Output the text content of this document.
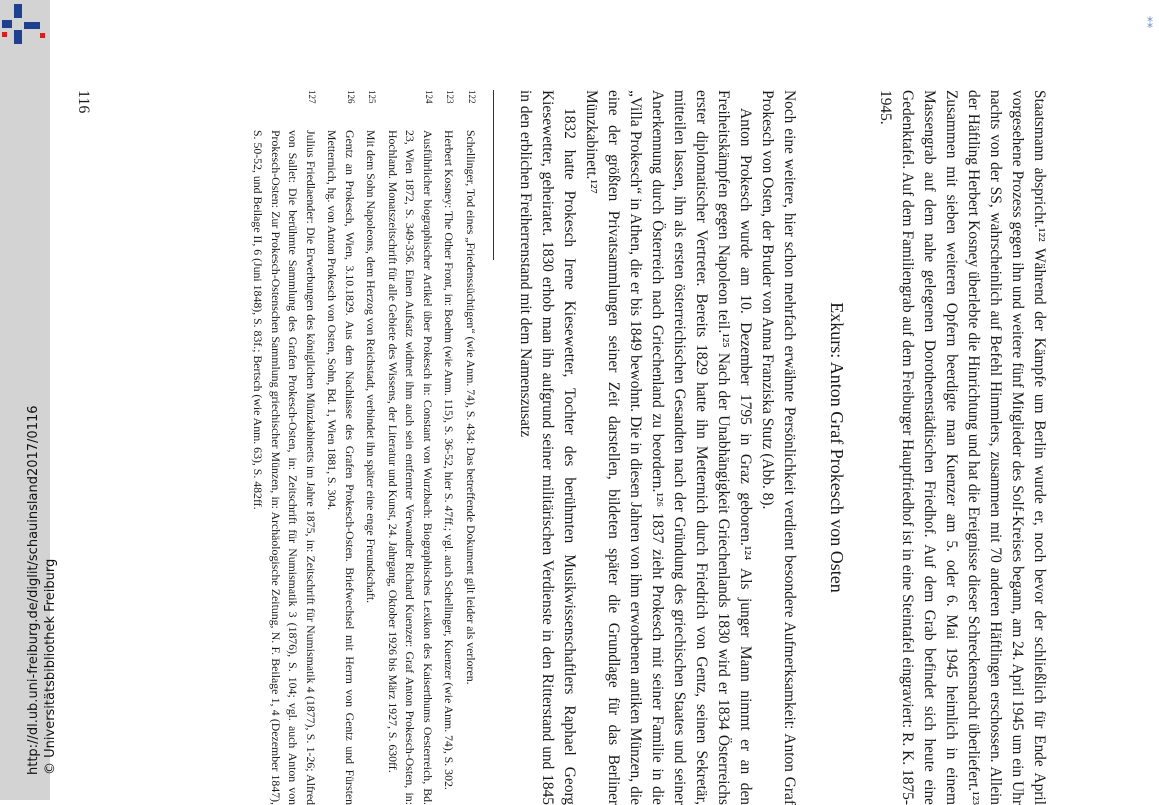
http://dl.ub.uni-freiburg.de/diglit/schauinsland2017/0116 © Universitätsbibliothek Freiburg
⁑

Staatsmann abspricht.¹²² Während der Kämpfe um Berlin wurde er, noch bevor der schließlich für Ende April vorgesehene Prozess gegen ihn und weitere fünf Mitglieder des Solf-Kreises begann, am 24. April 1945 um ein Uhr nachts von der SS, wahrscheinlich auf Befehl Himmlers, zusammen mit 70 anderen Häftlingen erschossen. Allein der Häftling Herbert Kosney überlebte die Hinrichtung und hat die Ereignisse dieser Schreckensnacht überliefert.¹²³ Zusammen mit sieben weiteren Opfern beerdigte man Kuenzer am 5. oder 6. Mai 1945 heimlich in einem Massengrab auf dem nahe gelegenen Dorotheenstädtischen Friedhof. Auf dem Grab befindet sich heute eine Gedenktafel. Auf dem Familiengrab auf dem Freiburger Hauptfriedhof ist in eine Steintafel eingraviert: R. K. 1875-1945.

Exkurs: Anton Graf Prokesch von Osten

Noch eine weitere, hier schon mehrfach erwähnte Persönlichkeit verdient besondere Aufmerksamkeit: Anton Graf Prokesch von Osten, der Bruder von Anna Franziska Stutz (Abb. 8).

Anton Prokesch wurde am 10. Dezember 1795 in Graz geboren.¹²⁴ Als junger Mann nimmt er an den Freiheitskämpfen gegen Napoleon teil.¹²⁵ Nach der Unabhängigkeit Griechenlands 1830 wird er 1834 Österreichs erster diplomatischer Vertreter. Bereits 1829 hatte ihn Metternich durch Friedrich von Gentz, seinen Sekretär, mitteilen lassen, ihn als ersten österreichischen Gesandten nach der Gründung des griechischen Staates und seiner Anerkennung durch Österreich nach Griechenland zu beordern.¹²⁶ 1837 zieht Prokesch mit seiner Familie in die „Villa Prokesch“ in Athen, die er bis 1849 bewohnt. Die in diesen Jahren von ihm erworbenen antiken Münzen, die eine der größten Privatsammlungen seiner Zeit darstellen, bildeten später die Grundlage für das Berliner Münzkabinett.¹²⁷

1832 hatte Prokesch Irene Kiesewetter, Tochter des berühmten Musikwissenschaftlers Raphael Georg Kiesewetter, geheiratet. 1830 erhob man ihn aufgrund seiner militärischen Verdienste in den Ritterstand und 1845 in den erblichen Freiherrenstand mit dem Namenszusatz

122
Schellinger, Tod eines „Friedenssüchtigen“ (wie Anm. 74), S. 434: Das betreffende Dokument gilt leider als verloren.

123
Herbert Kosney: The Other Front, in: Boehm (wie Anm. 115), S. 36-52, hier S. 47ff.; vgl. auch Schellinger, Kuenzer (wie Anm. 74), S. 302.

124
Ausführlicher biographischer Artikel über Prokesch in: Constant von Wurzbach: Biographisches Lexikon des Kaiserthums Oesterreich, Bd. 23, Wien 1872, S. 349-356. Einen Aufsatz widmet ihm auch sein entfernter Verwandter Richard Kuenzer: Graf Anton Prokesch-Osten, in: Hochland. Monatszeitschrift für alle Gebiete des Wissens, der Literatur und Kunst, 24. Jahrgang, Oktober 1926 bis März 1927, S. 630ff.

125
Mit dem Sohn Napoleons, dem Herzog von Reichstadt, verbindet ihn später eine enge Freundschaft.

126
Gentz an Prokesch, Wien, 3.10.1829. Aus dem Nachlasse des Grafen Prokesch-Osten. Briefwechsel mit Herrn von Gentz und Fürsten Metternich, hg. von Anton Prokesch von Osten, Sohn, Bd. 1, Wien 1881, S. 304.

127
Julius Friedlaender: Die Erwerbungen des königlichen Münzkabinetts im Jahre 1875, in: Zeitschrift für Numismatik 4 (1877), S. 1-26; Alfred von Sallet: Die berühmte Sammlung des Grafen Prokesch-Osten, in: Zeitschrift für Numismatik 3 (1876), S. 104; vgl. auch Anton von Prokesch-Osten: Zur Prokesch-Ostenschen Sammlung griechischer Münzen, in: Archäologische Zeitung, N. F. Beilage 1, 4 (Dezember 1847), S. 50-52, und Beilage II, 6 (Juni 1848), S. 83f.; Bertsch (wie Anm. 63), S. 482ff.

116
